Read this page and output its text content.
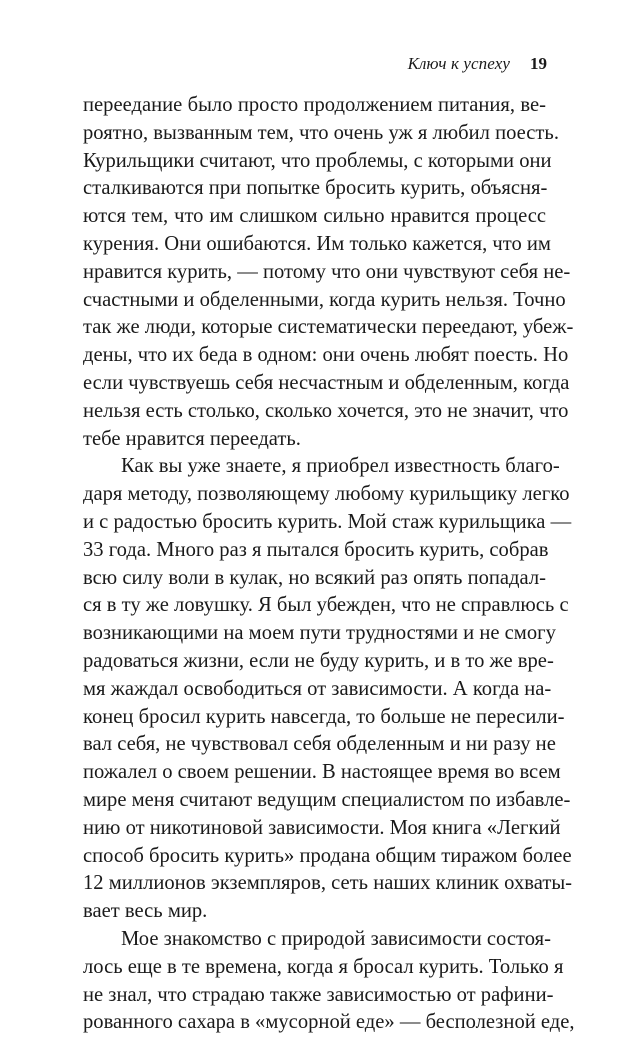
Ключ к успеху 19
переедание было просто продолжением питания, ве-
роятно, вызванным тем, что очень уж я любил поесть.
Курильщики считают, что проблемы, с которыми они
сталкиваются при попытке бросить курить, объясня-
ются тем, что им слишком сильно нравится процесс
курения. Они ошибаются. Им только кажется, что им
нравится курить, — потому что они чувствуют себя не-
счастными и обделенными, когда курить нельзя. Точно
так же люди, которые систематически переедают, убеж-
дены, что их беда в одном: они очень любят поесть. Но
если чувствуешь себя несчастным и обделенным, когда
нельзя есть столько, сколько хочется, это не значит, что
тебе нравится переедать.
Как вы уже знаете, я приобрел известность благо-
даря методу, позволяющему любому курильщику легко
и с радостью бросить курить. Мой стаж курильщика —
33 года. Много раз я пытался бросить курить, собрав
всю силу воли в кулак, но всякий раз опять попадал-
ся в ту же ловушку. Я был убежден, что не справлюсь с
возникающими на моем пути трудностями и не смогу
радоваться жизни, если не буду курить, и в то же вре-
мя жаждал освободиться от зависимости. А когда на-
конец бросил курить навсегда, то больше не пересили-
вал себя, не чувствовал себя обделенным и ни разу не
пожалел о своем решении. В настоящее время во всем
мире меня считают ведущим специалистом по избавле-
нию от никотиновой зависимости. Моя книга «Легкий
способ бросить курить» продана общим тиражом более
12 миллионов экземпляров, сеть наших клиник охваты-
вает весь мир.
Мое знакомство с природой зависимости состоя-
лось еще в те времена, когда я бросал курить. Только я
не знал, что страдаю также зависимостью от рафини-
рованного сахара в «мусорной еде» — бесполезной еде,
